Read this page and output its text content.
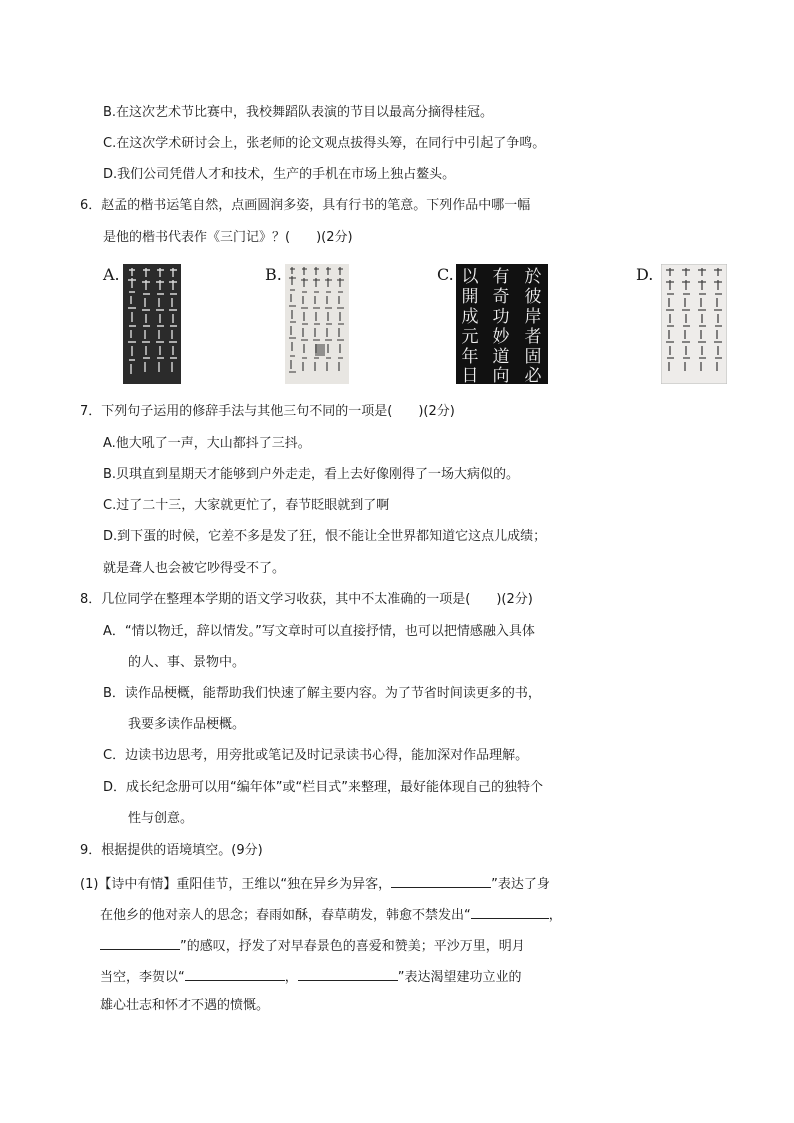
B.在这次艺术节比赛中，我校舞蹈队表演的节目以最高分摘得桂冠。
C.在这次学术研讨会上，张老师的论文观点拔得头筹，在同行中引起了争鸣。
D.我们公司凭借人才和技术，生产的手机在市场上独占鳌头。
6．赵孟的楷书运笔自然，点画圆润多姿，具有行书的笔意。下列作品中哪一幅
是他的楷书代表作《三门记》？(　　)(2分)
A.	B.	C.	D.
以
開
成
元
年
日
有
奇
功
妙
道
向
於
彼
岸
者
固
必
7．下列句子运用的修辞手法与其他三句不同的一项是(　　)(2分)
A.他大吼了一声，大山都抖了三抖。
B.贝琪直到星期天才能够到户外走走，看上去好像刚得了一场大病似的。
C.过了二十三，大家就更忙了，春节眨眼就到了啊
D.到下蛋的时候，它差不多是发了狂，恨不能让全世界都知道它这点儿成绩；
就是聋人也会被它吵得受不了。
8．几位同学在整理本学期的语文学习收获，其中不太准确的一项是(　　)(2分)
A．“情以物迁，辞以情发。”写文章时可以直接抒情，也可以把情感融入具体
的人、事、景物中。
B．读作品梗概，能帮助我们快速了解主要内容。为了节省时间读更多的书，
我要多读作品梗概。
C．边读书边思考，用旁批或笔记及时记录读书心得，能加深对作品理解。
D．成长纪念册可以用“编年体”或“栏目式”来整理，最好能体现自己的独特个
性与创意。
9．根据提供的语境填空。(9分)
(1)【诗中有情】重阳佳节，王维以“独在异乡为异客，	”表达了身
在他乡的他对亲人的思念；春雨如酥，春草萌发，韩愈不禁发出“	，
”的感叹，抒发了对早春景色的喜爱和赞美；平沙万里，明月
当空，李贺以“	，	”表达渴望建功立业的
雄心壮志和怀才不遇的愤慨。
